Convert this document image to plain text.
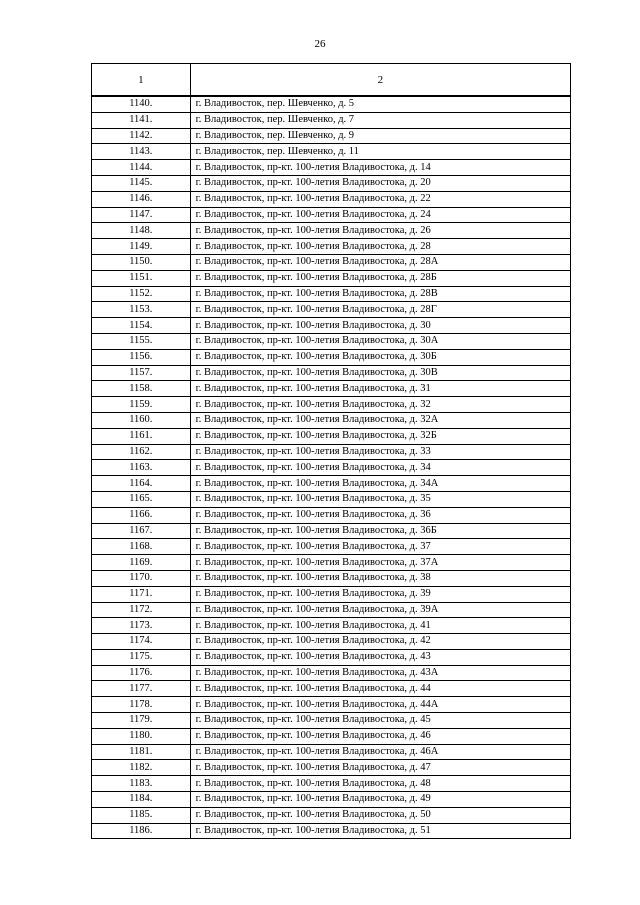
26
1	2
1140.	г. Владивосток, пер. Шевченко, д. 5
1141.	г. Владивосток, пер. Шевченко, д. 7
1142.	г. Владивосток, пер. Шевченко, д. 9
1143.	г. Владивосток, пер. Шевченко, д. 11
1144.	г. Владивосток, пр-кт. 100-летия Владивостока, д. 14
1145.	г. Владивосток, пр-кт. 100-летия Владивостока, д. 20
1146.	г. Владивосток, пр-кт. 100-летия Владивостока, д. 22
1147.	г. Владивосток, пр-кт. 100-летия Владивостока, д. 24
1148.	г. Владивосток, пр-кт. 100-летия Владивостока, д. 26
1149.	г. Владивосток, пр-кт. 100-летия Владивостока, д. 28
1150.	г. Владивосток, пр-кт. 100-летия Владивостока, д. 28А
1151.	г. Владивосток, пр-кт. 100-летия Владивостока, д. 28Б
1152.	г. Владивосток, пр-кт. 100-летия Владивостока, д. 28В
1153.	г. Владивосток, пр-кт. 100-летия Владивостока, д. 28Г
1154.	г. Владивосток, пр-кт. 100-летия Владивостока, д. 30
1155.	г. Владивосток, пр-кт. 100-летия Владивостока, д. 30А
1156.	г. Владивосток, пр-кт. 100-летия Владивостока, д. 30Б
1157.	г. Владивосток, пр-кт. 100-летия Владивостока, д. 30В
1158.	г. Владивосток, пр-кт. 100-летия Владивостока, д. 31
1159.	г. Владивосток, пр-кт. 100-летия Владивостока, д. 32
1160.	г. Владивосток, пр-кт. 100-летия Владивостока, д. 32А
1161.	г. Владивосток, пр-кт. 100-летия Владивостока, д. 32Б
1162.	г. Владивосток, пр-кт. 100-летия Владивостока, д. 33
1163.	г. Владивосток, пр-кт. 100-летия Владивостока, д. 34
1164.	г. Владивосток, пр-кт. 100-летия Владивостока, д. 34А
1165.	г. Владивосток, пр-кт. 100-летия Владивостока, д. 35
1166.	г. Владивосток, пр-кт. 100-летия Владивостока, д. 36
1167.	г. Владивосток, пр-кт. 100-летия Владивостока, д. 36Б
1168.	г. Владивосток, пр-кт. 100-летия Владивостока, д. 37
1169.	г. Владивосток, пр-кт. 100-летия Владивостока, д. 37А
1170.	г. Владивосток, пр-кт. 100-летия Владивостока, д. 38
1171.	г. Владивосток, пр-кт. 100-летия Владивостока, д. 39
1172.	г. Владивосток, пр-кт. 100-летия Владивостока, д. 39А
1173.	г. Владивосток, пр-кт. 100-летия Владивостока, д. 41
1174.	г. Владивосток, пр-кт. 100-летия Владивостока, д. 42
1175.	г. Владивосток, пр-кт. 100-летия Владивостока, д. 43
1176.	г. Владивосток, пр-кт. 100-летия Владивостока, д. 43А
1177.	г. Владивосток, пр-кт. 100-летия Владивостока, д. 44
1178.	г. Владивосток, пр-кт. 100-летия Владивостока, д. 44А
1179.	г. Владивосток, пр-кт. 100-летия Владивостока, д. 45
1180.	г. Владивосток, пр-кт. 100-летия Владивостока, д. 46
1181.	г. Владивосток, пр-кт. 100-летия Владивостока, д. 46А
1182.	г. Владивосток, пр-кт. 100-летия Владивостока, д. 47
1183.	г. Владивосток, пр-кт. 100-летия Владивостока, д. 48
1184.	г. Владивосток, пр-кт. 100-летия Владивостока, д. 49
1185.	г. Владивосток, пр-кт. 100-летия Владивостока, д. 50
1186.	г. Владивосток, пр-кт. 100-летия Владивостока, д. 51
